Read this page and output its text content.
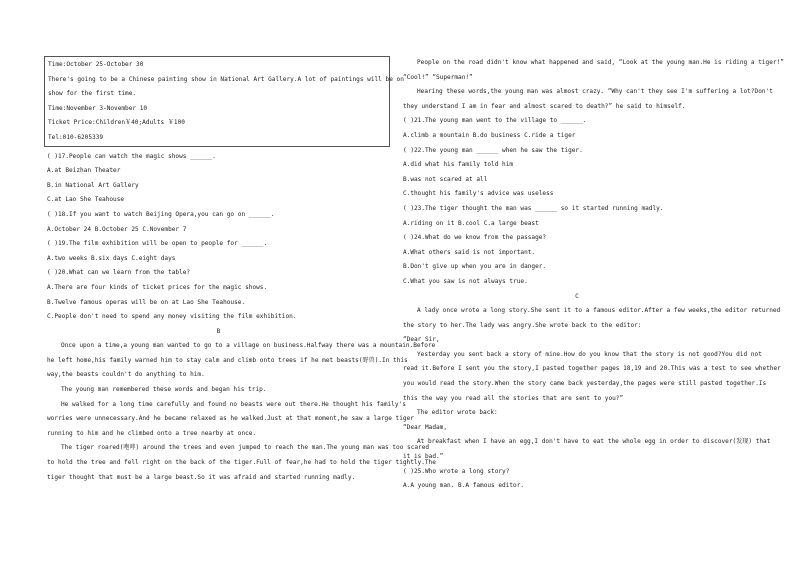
Time:October 25-October 30
There's going to be a Chinese painting show in National Art Gallery.A lot of paintings will be on
show for the first time.
Time:November 3-November 10
Ticket Price:Children￥40;Adults ￥100
Tel:010-6205339
( )17.People can watch the magic shows ______.
A.at Beizhan Theater
B.in National Art Gallery
C.at Lao She Teahouse
( )18.If you want to watch Beijing Opera,you can go on ______.
A.October 24 B.October 25 C.November 7
( )19.The film exhibition will be open to people for ______.
A.two weeks B.six days C.eight days
( )20.What can we learn from the table?
A.There are four kinds of ticket prices for the magic shows.
B.Twelve famous operas will be on at Lao She Teahouse.
C.People don't need to spend any money visiting the film exhibition.
B
Once upon a time,a young man wanted to go to a village on business.Halfway there was a mountain.Before
he left home,his family warned him to stay calm and climb onto trees if he met beasts(野兽).In this
way,the beasts couldn't do anything to him.
The young man remembered these words and began his trip.
He walked for a long time carefully and found no beasts were out there.He thought his family's
worries were unnecessary.And he became relaxed as he walked.Just at that moment,he saw a large tiger
running to him and he climbed onto a tree nearby at once.
The tiger roared(咆哮) around the trees and even jumped to reach the man.The young man was too scared
to hold the tree and fell right on the back of the tiger.Full of fear,he had to hold the tiger tightly.The
tiger thought that must be a large beast.So it was afraid and started running madly.
People on the road didn't know what happened and said, “Look at the young man.He is riding a tiger!”
“Cool!” “Superman!”
Hearing these words,the young man was almost crazy. “Why can't they see I'm suffering a lot?Don't
they understand I am in fear and almost scared to death?” he said to himself.
( )21.The young man went to the village to ______.
A.climb a mountain B.do business C.ride a tiger
( )22.The young man ______ when he saw the tiger.
A.did what his family told him
B.was not scared at all
C.thought his family's advice was useless
( )23.The tiger thought the man was ______ so it started running madly.
A.riding on it B.cool C.a large beast
( )24.What do we know from the passage?
A.What others said is not important.
B.Don't give up when you are in danger.
C.What you saw is not always true.
C
A lady once wrote a long story.She sent it to a famous editor.After a few weeks,the editor returned
the story to her.The lady was angry.She wrote back to the editor:
“Dear Sir,
Yesterday you sent back a story of mine.How do you know that the story is not good?You did not
read it.Before I sent you the story,I pasted together pages 18,19 and 20.This was a test to see whether
you would read the story.When the story came back yesterday,the pages were still pasted together.Is
this the way you read all the stories that are sent to you?”
The editor wrote back:
“Dear Madam,
At breakfast when I have an egg,I don't have to eat the whole egg in order to discover(发现) that
it is bad.”
( )25.Who wrote a long story?
A.A young man. B.A famous editor.
